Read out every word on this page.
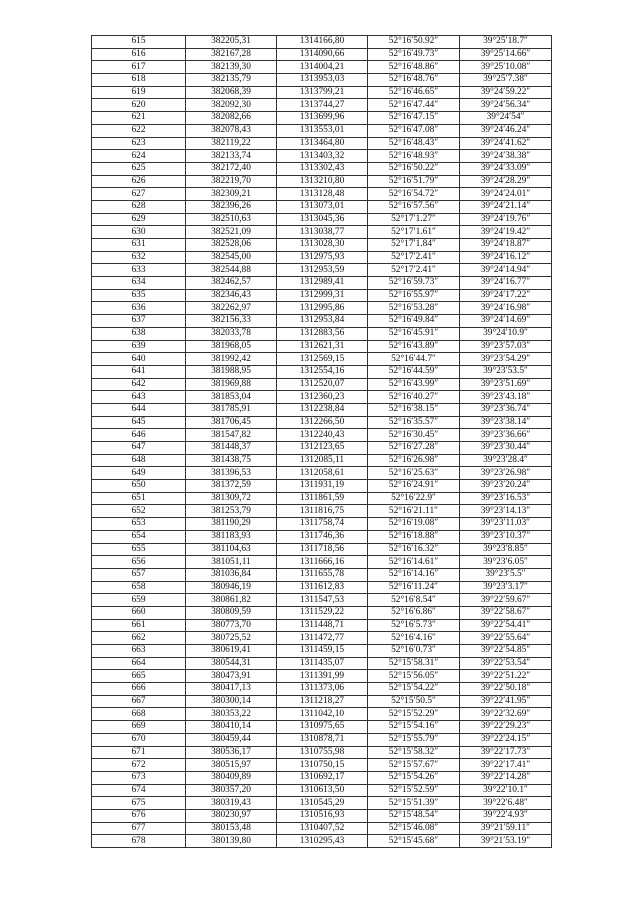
615	382205,31	1314166,80	52°16′50.92″	39°25′18.7″
616	382167,28	1314090,66	52°16′49.73″	39°25′14.66″
617	382139,30	1314004,21	52°16′48.86″	39°25′10.08″
618	382135,79	1313953,03	52°16′48.76″	39°25′7.38″
619	382068,39	1313799,21	52°16′46.65″	39°24′59.22″
620	382092,30	1313744,27	52°16′47.44″	39°24′56.34″
621	382082,66	1313699,96	52°16′47.15″	39°24′54″
622	382078,43	1313553,01	52°16′47.08″	39°24′46.24″
623	382119,22	1313464,80	52°16′48.43″	39°24′41.62″
624	382133,74	1313403,32	52°16′48.93″	39°24′38.38″
625	382172,40	1313302,43	52°16′50.22″	39°24′33.09″
626	382219,70	1313210,80	52°16′51.79″	39°24′28.29″
627	382309,21	1313128,48	52°16′54.72″	39°24′24.01″
628	382396,26	1313073,01	52°16′57.56″	39°24′21.14″
629	382510,63	1313045,36	52°17′1.27″	39°24′19.76″
630	382521,09	1313038,77	52°17′1.61″	39°24′19.42″
631	382528,06	1313028,30	52°17′1.84″	39°24′18.87″
632	382545,00	1312975,93	52°17′2.41″	39°24′16.12″
633	382544,88	1312953,59	52°17′2.41″	39°24′14.94″
634	382462,57	1312989,41	52°16′59.73″	39°24′16.77″
635	382346,43	1312999,31	52°16′55.97″	39°24′17.22″
636	382262,97	1312995,86	52°16′53.28″	39°24′16.98″
637	382156,33	1312953,84	52°16′49.84″	39°24′14.69″
638	382033,78	1312883,56	52°16′45.91″	39°24′10.9″
639	381968,05	1312621,31	52°16′43.89″	39°23′57.03″
640	381992,42	1312569,15	52°16′44.7″	39°23′54.29″
641	381988,95	1312554,16	52°16′44.59″	39°23′53.5″
642	381969,88	1312520,07	52°16′43.99″	39°23′51.69″
643	381853,04	1312360,23	52°16′40.27″	39°23′43.18″
644	381785,91	1312238,84	52°16′38.15″	39°23′36.74″
645	381706,45	1312266,50	52°16′35.57″	39°23′38.14″
646	381547,82	1312240,43	52°16′30.45″	39°23′36.66″
647	381448,37	1312123,65	52°16′27.28″	39°23′30.44″
648	381438,75	1312085,11	52°16′26.98″	39°23′28.4″
649	381396,53	1312058,61	52°16′25.63″	39°23′26.98″
650	381372,59	1311931,19	52°16′24.91″	39°23′20.24″
651	381309,72	1311861,59	52°16′22.9″	39°23′16.53″
652	381253,79	1311816,75	52°16′21.11″	39°23′14.13″
653	381190,29	1311758,74	52°16′19.08″	39°23′11.03″
654	381183,93	1311746,36	52°16′18.88″	39°23′10.37″
655	381104,63	1311718,56	52°16′16.32″	39°23′8.85″
656	381051,11	1311666,16	52°16′14.61″	39°23′6.05″
657	381036,84	1311655,78	52°16′14.16″	39°23′5.5″
658	380946,19	1311612,83	52°16′11.24″	39°23′3.17″
659	380861,82	1311547,53	52°16′8.54″	39°22′59.67″
660	380809,59	1311529,22	52°16′6.86″	39°22′58.67″
661	380773,70	1311448,71	52°16′5.73″	39°22′54.41″
662	380725,52	1311472,77	52°16′4.16″	39°22′55.64″
663	380619,41	1311459,15	52°16′0.73″	39°22′54.85″
664	380544,31	1311435,07	52°15′58.31″	39°22′53.54″
665	380473,91	1311391,99	52°15′56.05″	39°22′51.22″
666	380417,13	1311373,06	52°15′54.22″	39°22′50.18″
667	380300,14	1311218,27	52°15′50.5″	39°22′41.95″
668	380353,22	1311042,10	52°15′52.29″	39°22′32.69″
669	380410,14	1310975,65	52°15′54.16″	39°22′29.23″
670	380459,44	1310878,71	52°15′55.79″	39°22′24.15″
671	380536,17	1310755,98	52°15′58.32″	39°22′17.73″
672	380515,97	1310750,15	52°15′57.67″	39°22′17.41″
673	380409,89	1310692,17	52°15′54.26″	39°22′14.28″
674	380357,20	1310613,50	52°15′52.59″	39°22′10.1″
675	380319,43	1310545,29	52°15′51.39″	39°22′6.48″
676	380230,97	1310516,93	52°15′48.54″	39°22′4.93″
677	380153,48	1310407,52	52°15′46.08″	39°21′59.11″
678	380139,80	1310295,43	52°15′45.68″	39°21′53.19″
